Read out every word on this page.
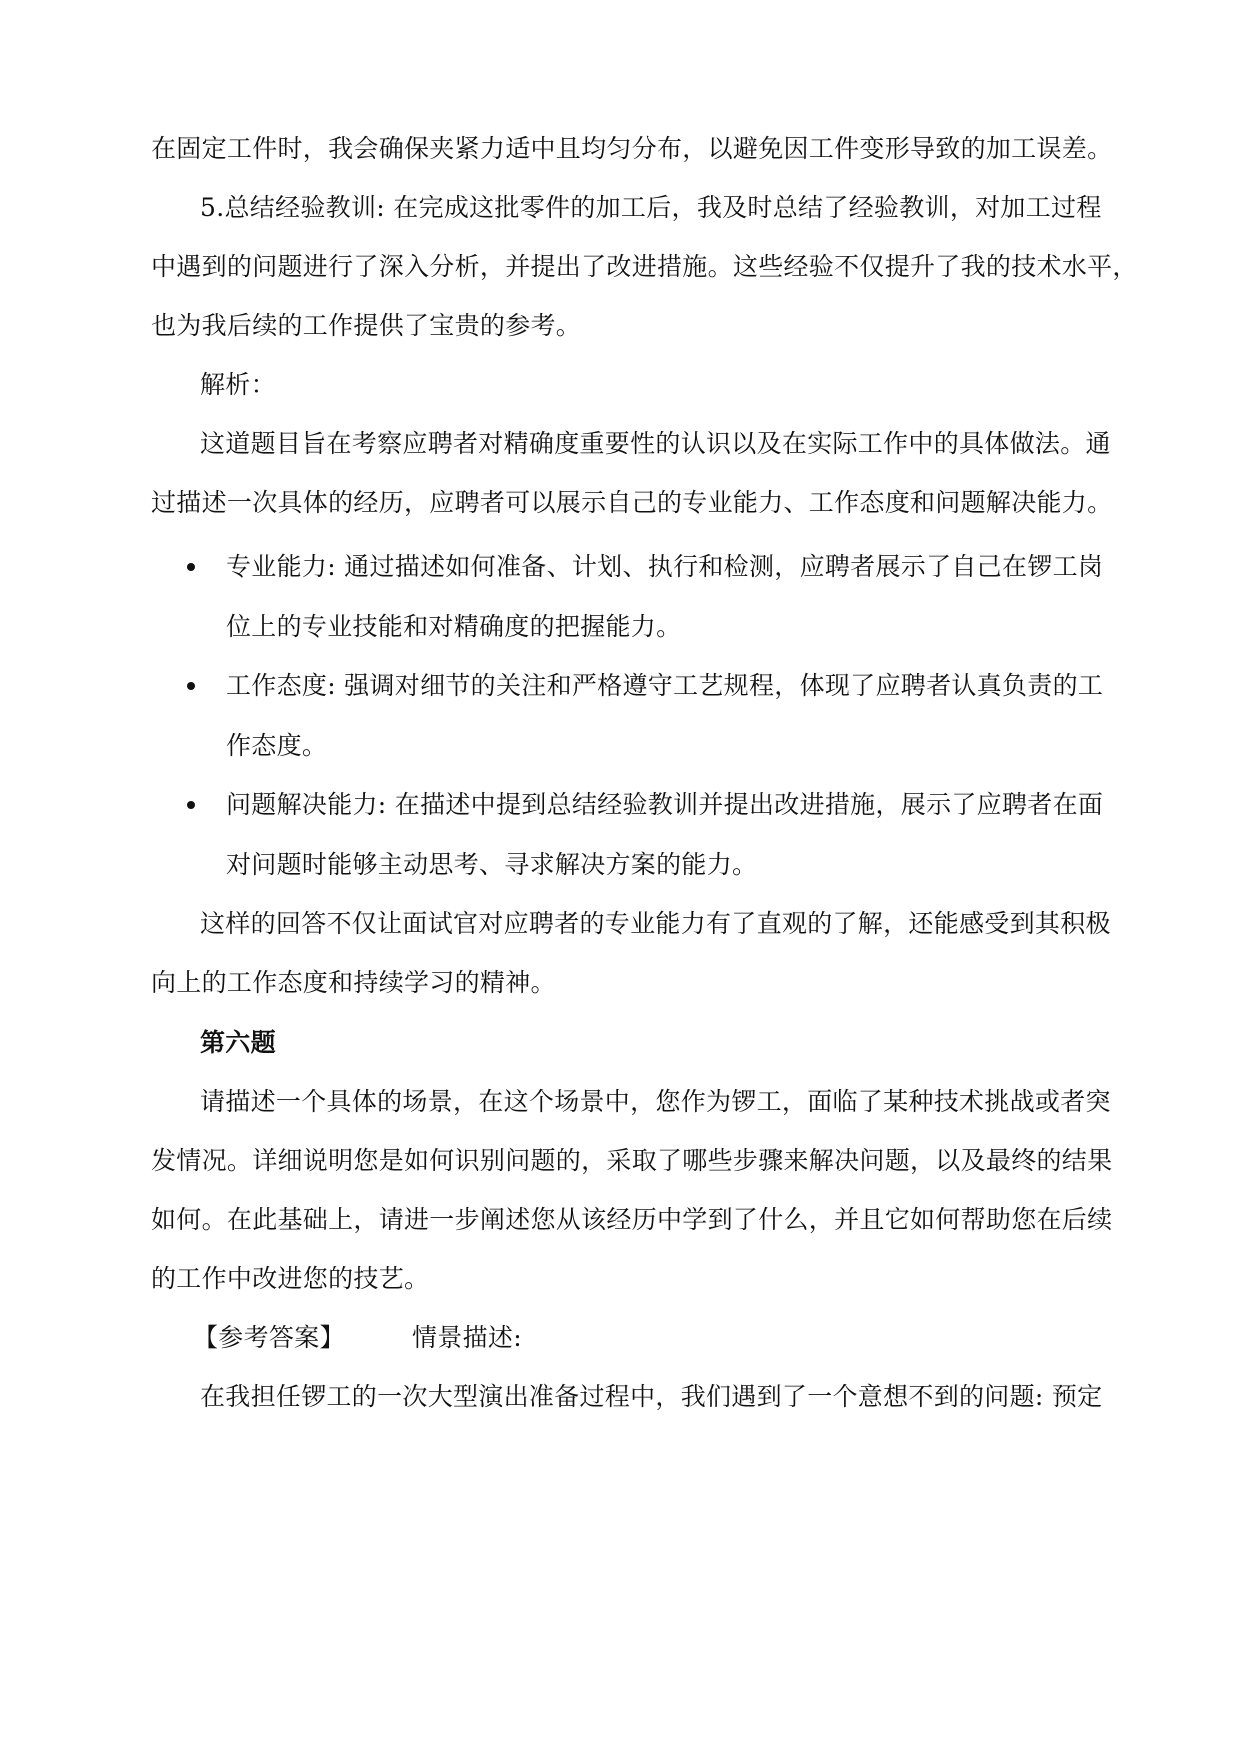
在固定工件时，我会确保夹紧力适中且均匀分布，以避免因工件变形导致的加工误差。
5.总结经验教训: 在完成这批零件的加工后，我及时总结了经验教训，对加工过程
中遇到的问题进行了深入分析，并提出了改进措施。这些经验不仅提升了我的技术水平，
也为我后续的工作提供了宝贵的参考。
解析：
这道题目旨在考察应聘者对精确度重要性的认识以及在实际工作中的具体做法。通
过描述一次具体的经历，应聘者可以展示自己的专业能力、工作态度和问题解决能力。
专业能力: 通过描述如何准备、计划、执行和检测，应聘者展示了自己在锣工岗
位上的专业技能和对精确度的把握能力。
工作态度: 强调对细节的关注和严格遵守工艺规程，体现了应聘者认真负责的工
作态度。
问题解决能力: 在描述中提到总结经验教训并提出改进措施，展示了应聘者在面
对问题时能够主动思考、寻求解决方案的能力。
这样的回答不仅让面试官对应聘者的专业能力有了直观的了解，还能感受到其积极
向上的工作态度和持续学习的精神。
第六题
请描述一个具体的场景，在这个场景中，您作为锣工，面临了某种技术挑战或者突
发情况。详细说明您是如何识别问题的，采取了哪些步骤来解决问题，以及最终的结果
如何。在此基础上，请进一步阐述您从该经历中学到了什么，并且它如何帮助您在后续
的工作中改进您的技艺。
【参考答案】	情景描述:
在我担任锣工的一次大型演出准备过程中，我们遇到了一个意想不到的问题: 预定
